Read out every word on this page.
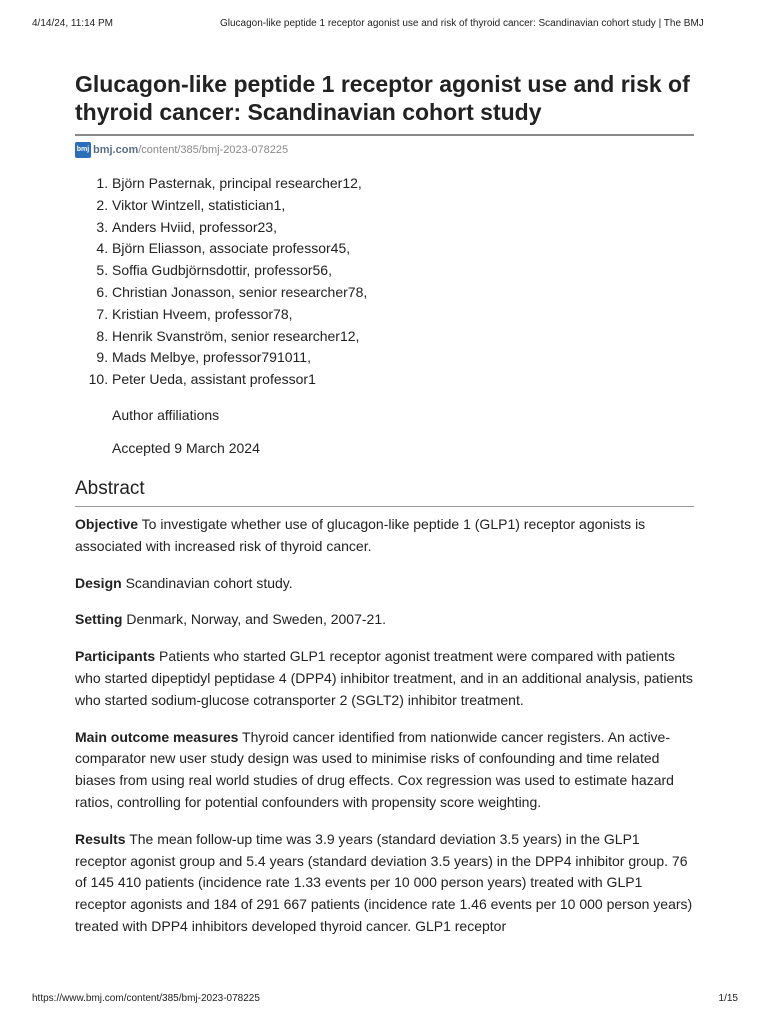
4/14/24, 11:14 PM	Glucagon-like peptide 1 receptor agonist use and risk of thyroid cancer: Scandinavian cohort study | The BMJ
Glucagon-like peptide 1 receptor agonist use and risk of thyroid cancer: Scandinavian cohort study
bmj bmj.com/content/385/bmj-2023-078225
1. Björn Pasternak, principal researcher12,
2. Viktor Wintzell, statistician1,
3. Anders Hviid, professor23,
4. Björn Eliasson, associate professor45,
5. Soffia Gudbjörnsdottir, professor56,
6. Christian Jonasson, senior researcher78,
7. Kristian Hveem, professor78,
8. Henrik Svanström, senior researcher12,
9. Mads Melbye, professor791011,
10. Peter Ueda, assistant professor1
Author affiliations
Accepted 9 March 2024
Abstract

Objective To investigate whether use of glucagon-like peptide 1 (GLP1) receptor agonists is associated with increased risk of thyroid cancer.

Design Scandinavian cohort study.

Setting Denmark, Norway, and Sweden, 2007-21.

Participants Patients who started GLP1 receptor agonist treatment were compared with patients who started dipeptidyl peptidase 4 (DPP4) inhibitor treatment, and in an additional analysis, patients who started sodium-glucose cotransporter 2 (SGLT2) inhibitor treatment.

Main outcome measures Thyroid cancer identified from nationwide cancer registers. An active-comparator new user study design was used to minimise risks of confounding and time related biases from using real world studies of drug effects. Cox regression was used to estimate hazard ratios, controlling for potential confounders with propensity score weighting.

Results The mean follow-up time was 3.9 years (standard deviation 3.5 years) in the GLP1 receptor agonist group and 5.4 years (standard deviation 3.5 years) in the DPP4 inhibitor group. 76 of 145 410 patients (incidence rate 1.33 events per 10 000 person years) treated with GLP1 receptor agonists and 184 of 291 667 patients (incidence rate 1.46 events per 10 000 person years) treated with DPP4 inhibitors developed thyroid cancer. GLP1 receptor

https://www.bmj.com/content/385/bmj-2023-078225	1/15
